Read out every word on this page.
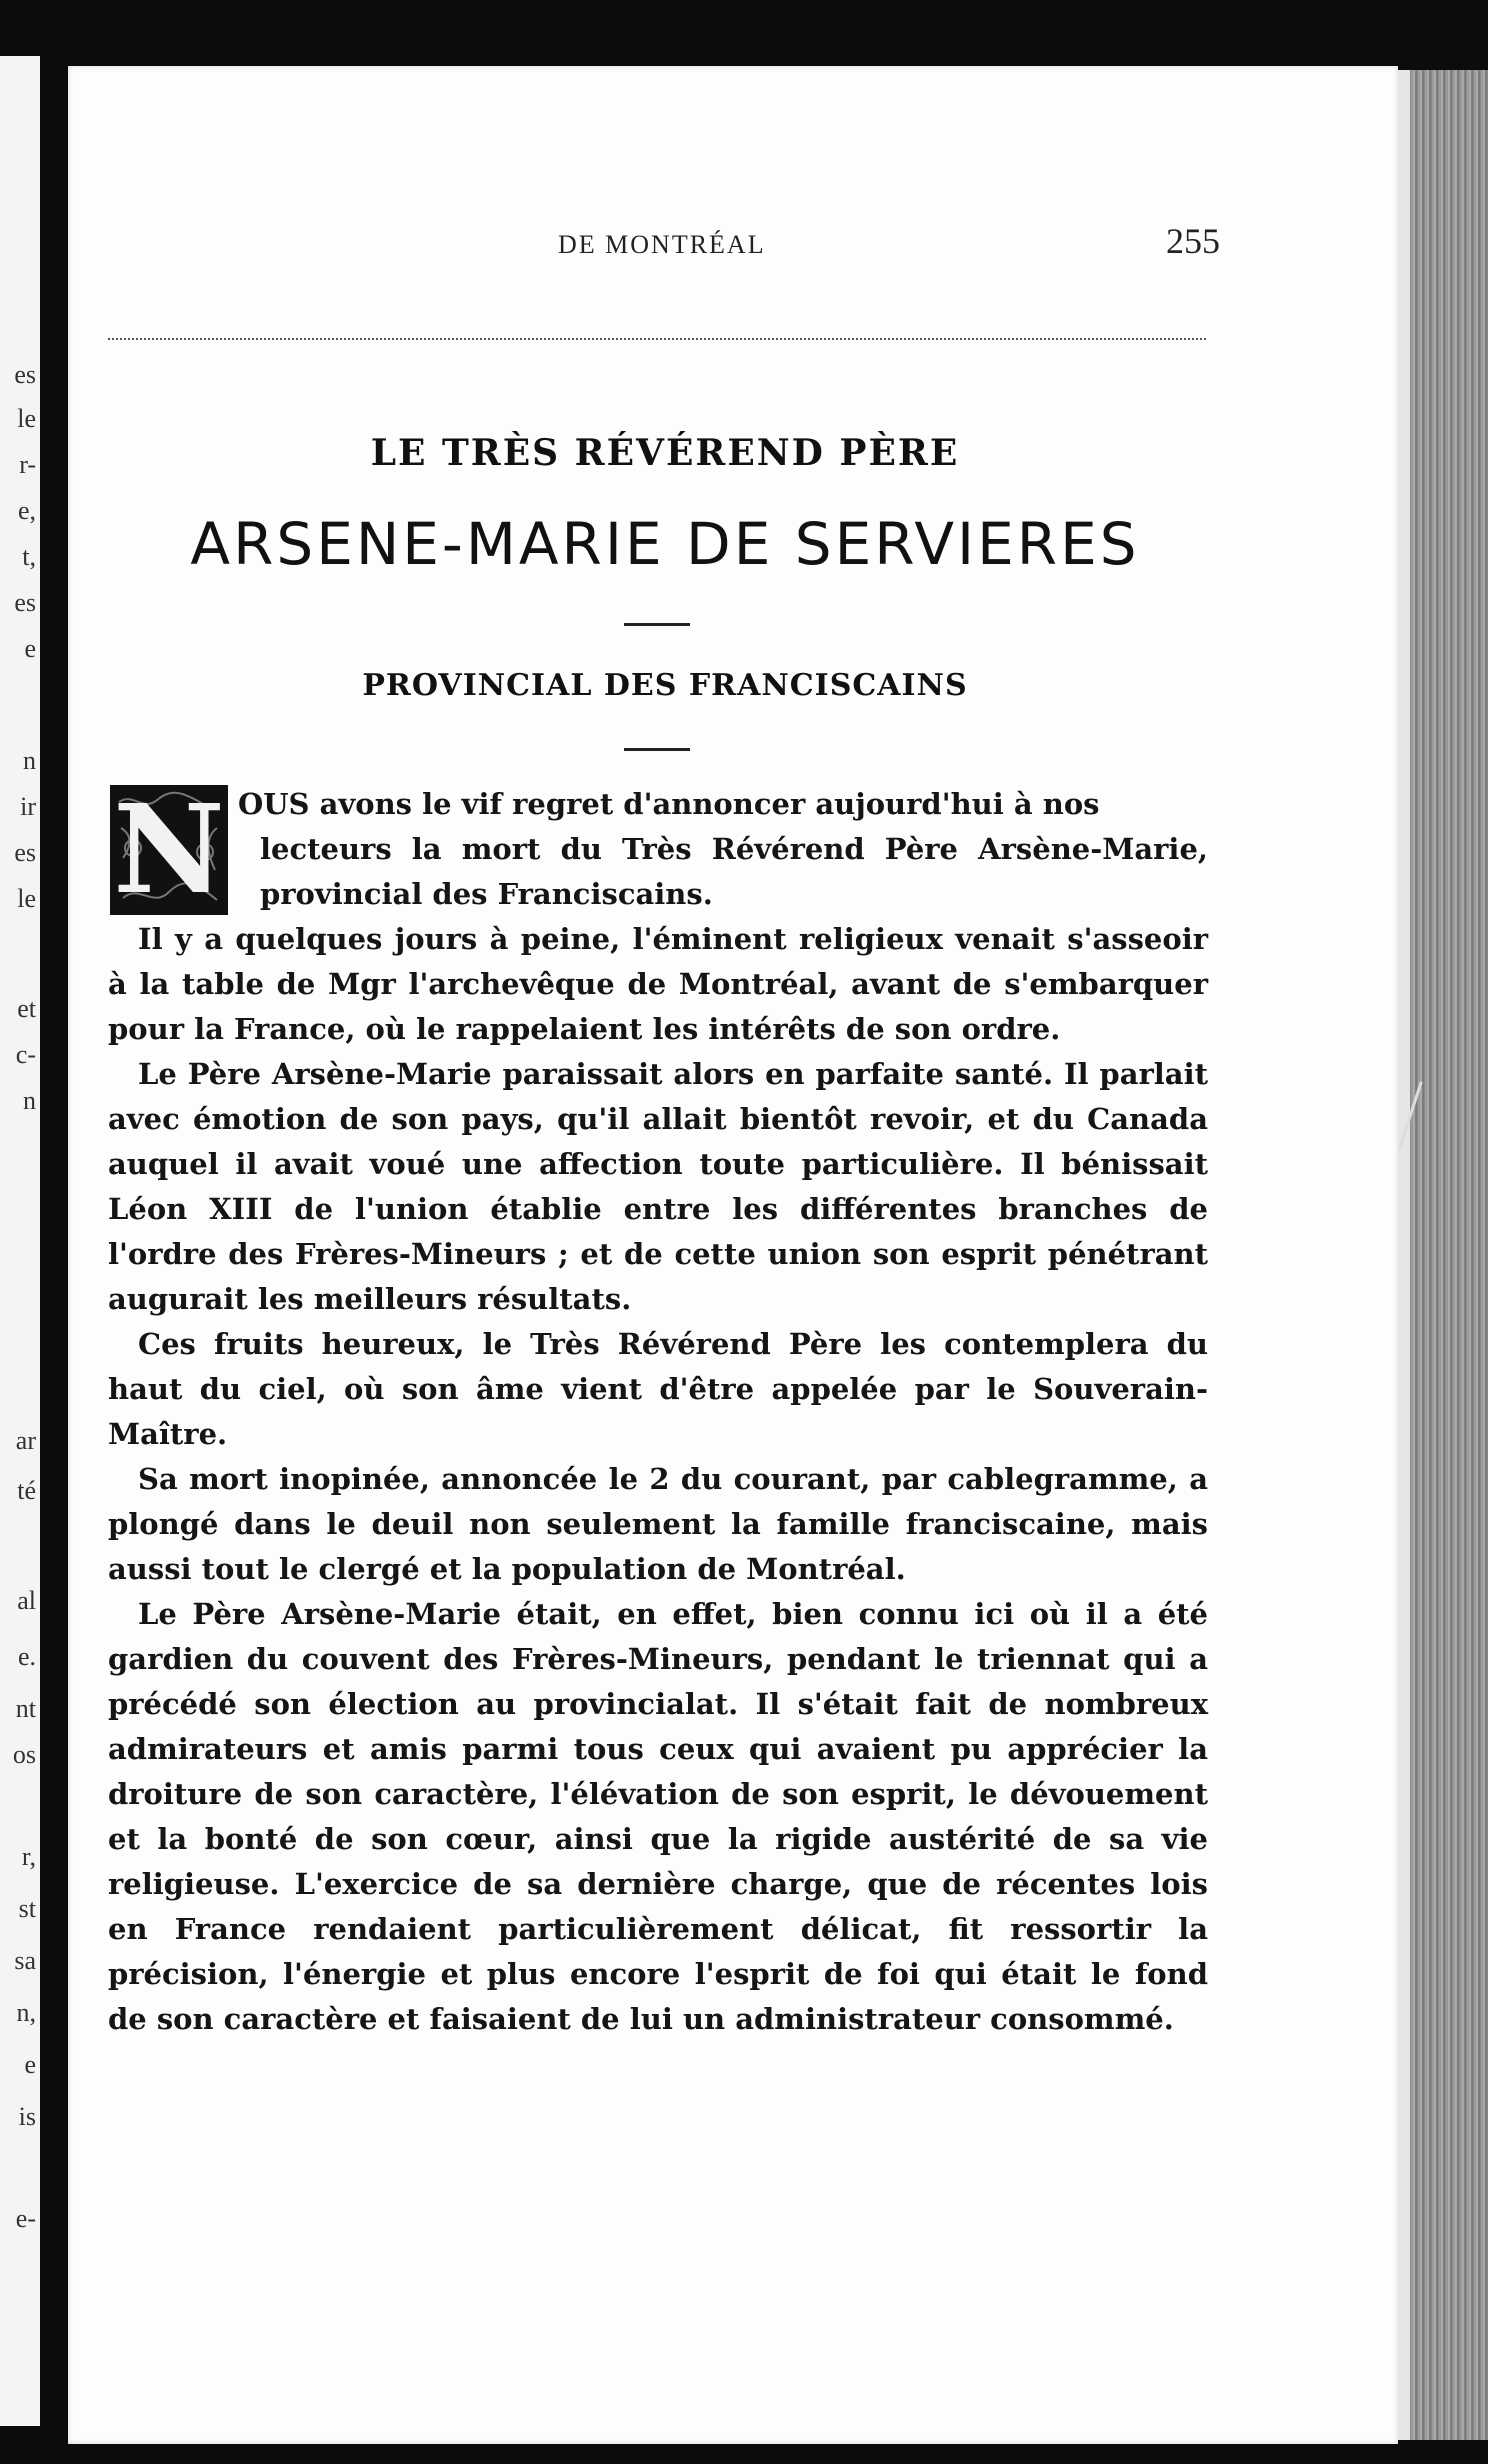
es
le
r-
e,
t,
es
e
n
ir
es
le
et
c-
n
ar
té
al
e.
nt
os
r,
st
sa
n,
e
is
e-
DE MONTRÉAL	255
LE TRÈS RÉVÉREND PÈRE
ARSENE-MARIE DE SERVIERES
PROVINCIAL DES FRANCISCAINS

OUS avons le vif regret d'annoncer aujourd'hui à nos
lecteurs la mort du Très Révérend Père Arsène-Marie, provincial des Franciscains.

Il y a quelques jours à peine, l'éminent religieux venait s'asseoir à la table de Mgr l'archevêque de Montréal, avant de s'embarquer pour la France, où le rappelaient les intérêts de son ordre.

Le Père Arsène-Marie paraissait alors en parfaite santé. Il parlait avec émotion de son pays, qu'il allait bientôt revoir, et du Canada auquel il avait voué une affection toute particulière. Il bénissait Léon XIII de l'union établie entre les différentes branches de l'ordre des Frères-Mineurs ; et de cette union son esprit pénétrant augurait les meilleurs résultats.

Ces fruits heureux, le Très Révérend Père les contemplera du haut du ciel, où son âme vient d'être appelée par le Souverain-Maître.

Sa mort inopinée, annoncée le 2 du courant, par cablegramme, a plongé dans le deuil non seulement la famille franciscaine, mais aussi tout le clergé et la population de Montréal.

Le Père Arsène-Marie était, en effet, bien connu ici où il a été gardien du couvent des Frères-Mineurs, pendant le triennat qui a précédé son élection au provincialat. Il s'était fait de nombreux admirateurs et amis parmi tous ceux qui avaient pu apprécier la droiture de son caractère, l'élévation de son esprit, le dévouement et la bonté de son cœur, ainsi que la rigide austérité de sa vie religieuse. L'exercice de sa dernière charge, que de récentes lois en France rendaient particulièrement délicat, fit ressortir la précision, l'énergie et plus encore l'esprit de foi qui était le fond de son caractère et faisaient de lui un administrateur consommé.

N
